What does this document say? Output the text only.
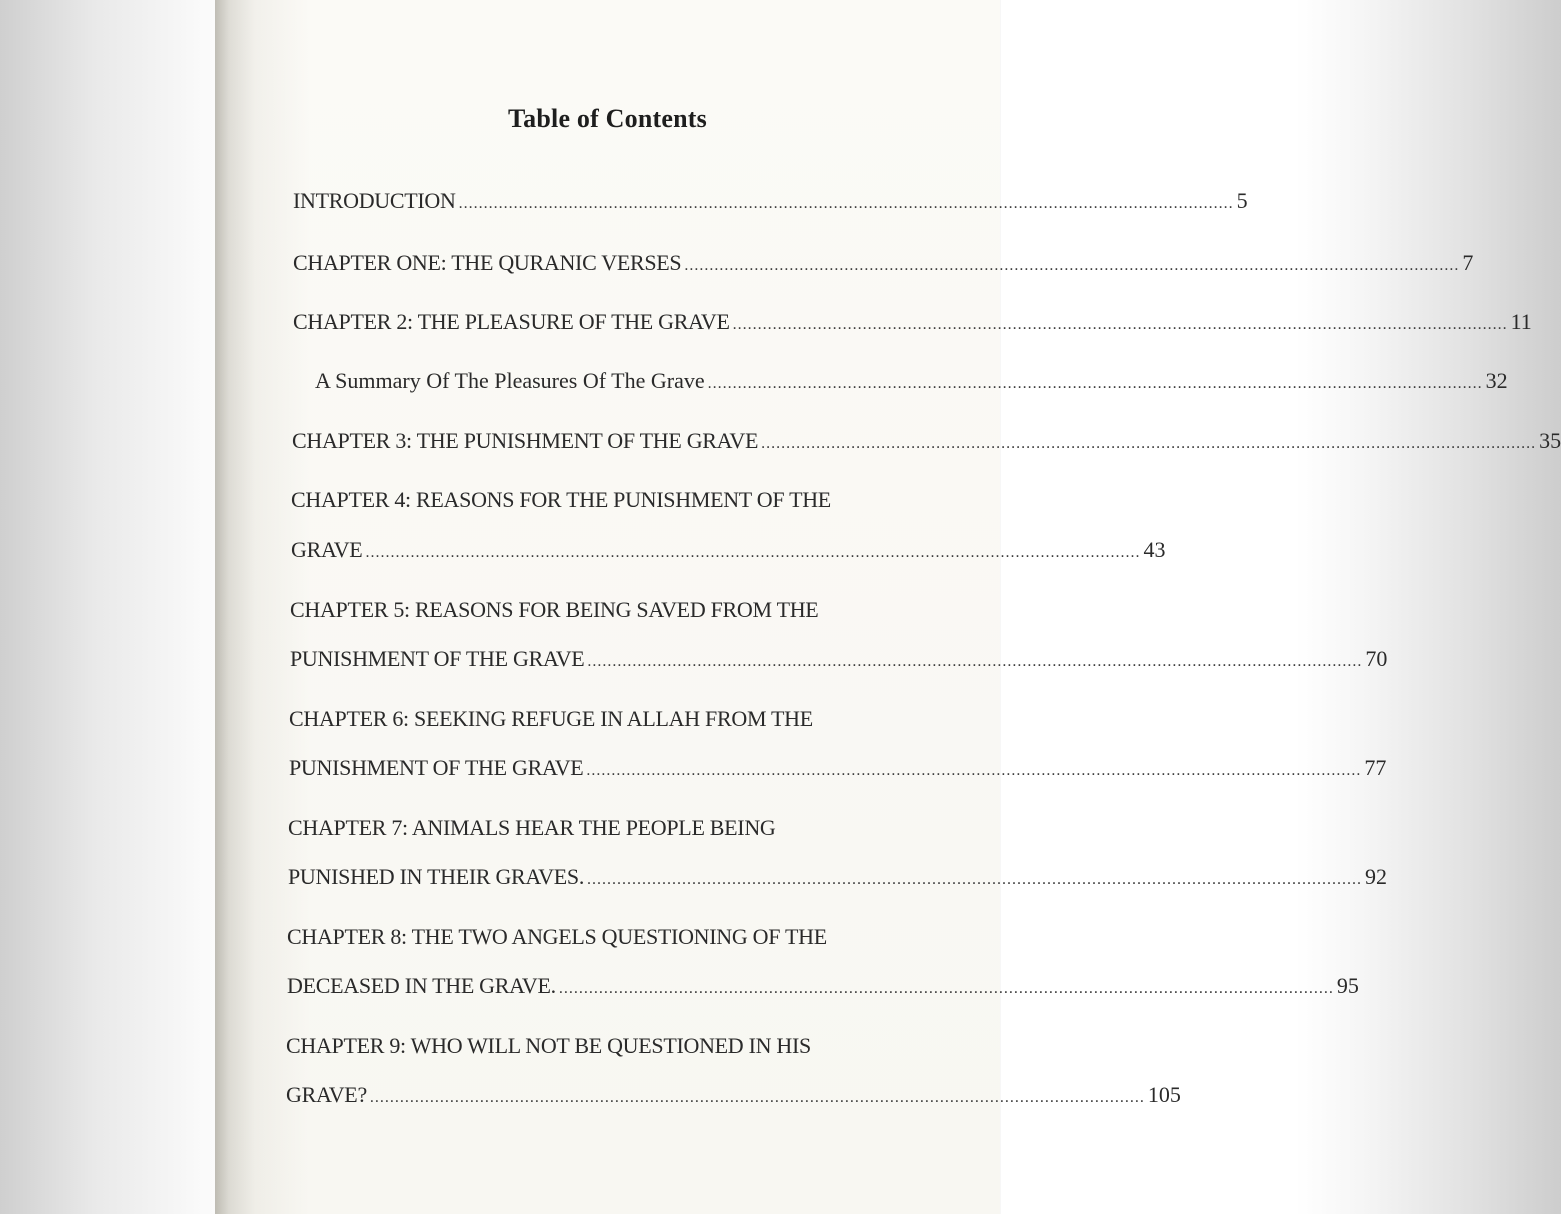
Table of Contents
INTRODUCTION ........................................................................................................................................................... 5
CHAPTER ONE: THE QURANIC VERSES ........................................................................................................................................................... 7
CHAPTER 2: THE PLEASURE OF THE GRAVE ........................................................................................................................................................... 11
A Summary Of The Pleasures Of The Grave ........................................................................................................................................................... 32
CHAPTER 3: THE PUNISHMENT OF THE GRAVE ........................................................................................................................................................... 35
CHAPTER 4: REASONS FOR THE PUNISHMENT OF THE
GRAVE ........................................................................................................................................................... 43
CHAPTER 5: REASONS FOR BEING SAVED FROM THE
PUNISHMENT OF THE GRAVE ........................................................................................................................................................... 70
CHAPTER 6: SEEKING REFUGE IN ALLAH FROM THE
PUNISHMENT OF THE GRAVE ........................................................................................................................................................... 77
CHAPTER 7: ANIMALS HEAR THE PEOPLE BEING
PUNISHED IN THEIR GRAVES. ........................................................................................................................................................... 92
CHAPTER 8: THE TWO ANGELS QUESTIONING OF THE
DECEASED IN THE GRAVE. ........................................................................................................................................................... 95
CHAPTER 9: WHO WILL NOT BE QUESTIONED IN HIS
GRAVE? ........................................................................................................................................................... 105
